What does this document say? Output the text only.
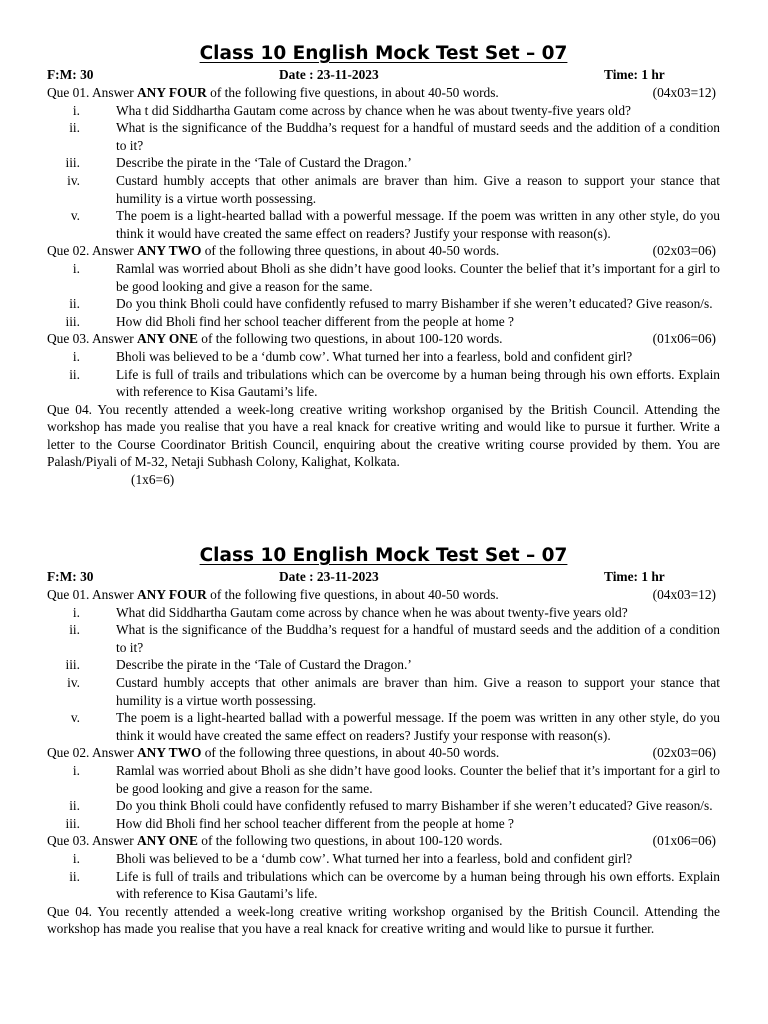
Class 10 English Mock Test Set – 07
F:M: 30	Date : 23-11-2023	Time: 1 hr
Que 01. Answer ANY FOUR of the following five questions, in about 40-50 words.	(04x03=12)
i.	Wha t did Siddhartha Gautam come across by chance when he was about twenty-five years old?
ii.	What is the significance of the Buddha’s request for a handful of mustard seeds and the addition of a condition to it?
iii.	Describe the pirate in the ‘Tale of Custard the Dragon.’
iv.	Custard humbly accepts that other animals are braver than him. Give a reason to support your stance that humility is a virtue worth possessing.
v.	The poem is a light-hearted ballad with a powerful message. If the poem was written in any other style, do you think it would have created the same effect on readers? Justify your response with reason(s).
Que 02. Answer ANY TWO of the following three questions, in about 40-50 words.	(02x03=06)
i.	Ramlal was worried about Bholi as she didn’t have good looks. Counter the belief that it’s important for a girl to be good looking and give a reason for the same.
ii.	Do you think Bholi could have confidently refused to marry Bishamber if she weren’t educated? Give reason/s.
iii.	How did Bholi find her school teacher different from the people at home ?
Que 03. Answer ANY ONE of the following two questions, in about 100-120 words.	(01x06=06)
i.	Bholi was believed to be a ‘dumb cow’. What turned her into a fearless, bold and confident girl?
ii.	Life is full of trails and tribulations which can be overcome by a human being through his own efforts. Explain with reference to Kisa Gautami’s life.
Que 04. You recently attended a week-long creative writing workshop organised by the British Council. Attending the workshop has made you realise that you have a real knack for creative writing and would like to pursue it further. Write a letter to the Course Coordinator British Council, enquiring about the creative writing course provided by them. You are Palash/Piyali of M-32, Netaji Subhash Colony, Kalighat, Kolkata.
(1x6=6)
Class 10 English Mock Test Set – 07
F:M: 30	Date : 23-11-2023	Time: 1 hr
Que 01. Answer ANY FOUR of the following five questions, in about 40-50 words.	(04x03=12)
i.	What did Siddhartha Gautam come across by chance when he was about twenty-five years old?
ii.	What is the significance of the Buddha’s request for a handful of mustard seeds and the addition of a condition to it?
iii.	Describe the pirate in the ‘Tale of Custard the Dragon.’
iv.	Custard humbly accepts that other animals are braver than him. Give a reason to support your stance that humility is a virtue worth possessing.
v.	The poem is a light-hearted ballad with a powerful message. If the poem was written in any other style, do you think it would have created the same effect on readers? Justify your response with reason(s).
Que 02. Answer ANY TWO of the following three questions, in about 40-50 words.	(02x03=06)
i.	Ramlal was worried about Bholi as she didn’t have good looks. Counter the belief that it’s important for a girl to be good looking and give a reason for the same.
ii.	Do you think Bholi could have confidently refused to marry Bishamber if she weren’t educated? Give reason/s.
iii.	How did Bholi find her school teacher different from the people at home ?
Que 03. Answer ANY ONE of the following two questions, in about 100-120 words.	(01x06=06)
i.	Bholi was believed to be a ‘dumb cow’. What turned her into a fearless, bold and confident girl?
ii.	Life is full of trails and tribulations which can be overcome by a human being through his own efforts. Explain with reference to Kisa Gautami’s life.
Que 04. You recently attended a week-long creative writing workshop organised by the British Council. Attending the workshop has made you realise that you have a real knack for creative writing and would like to pursue it further.
